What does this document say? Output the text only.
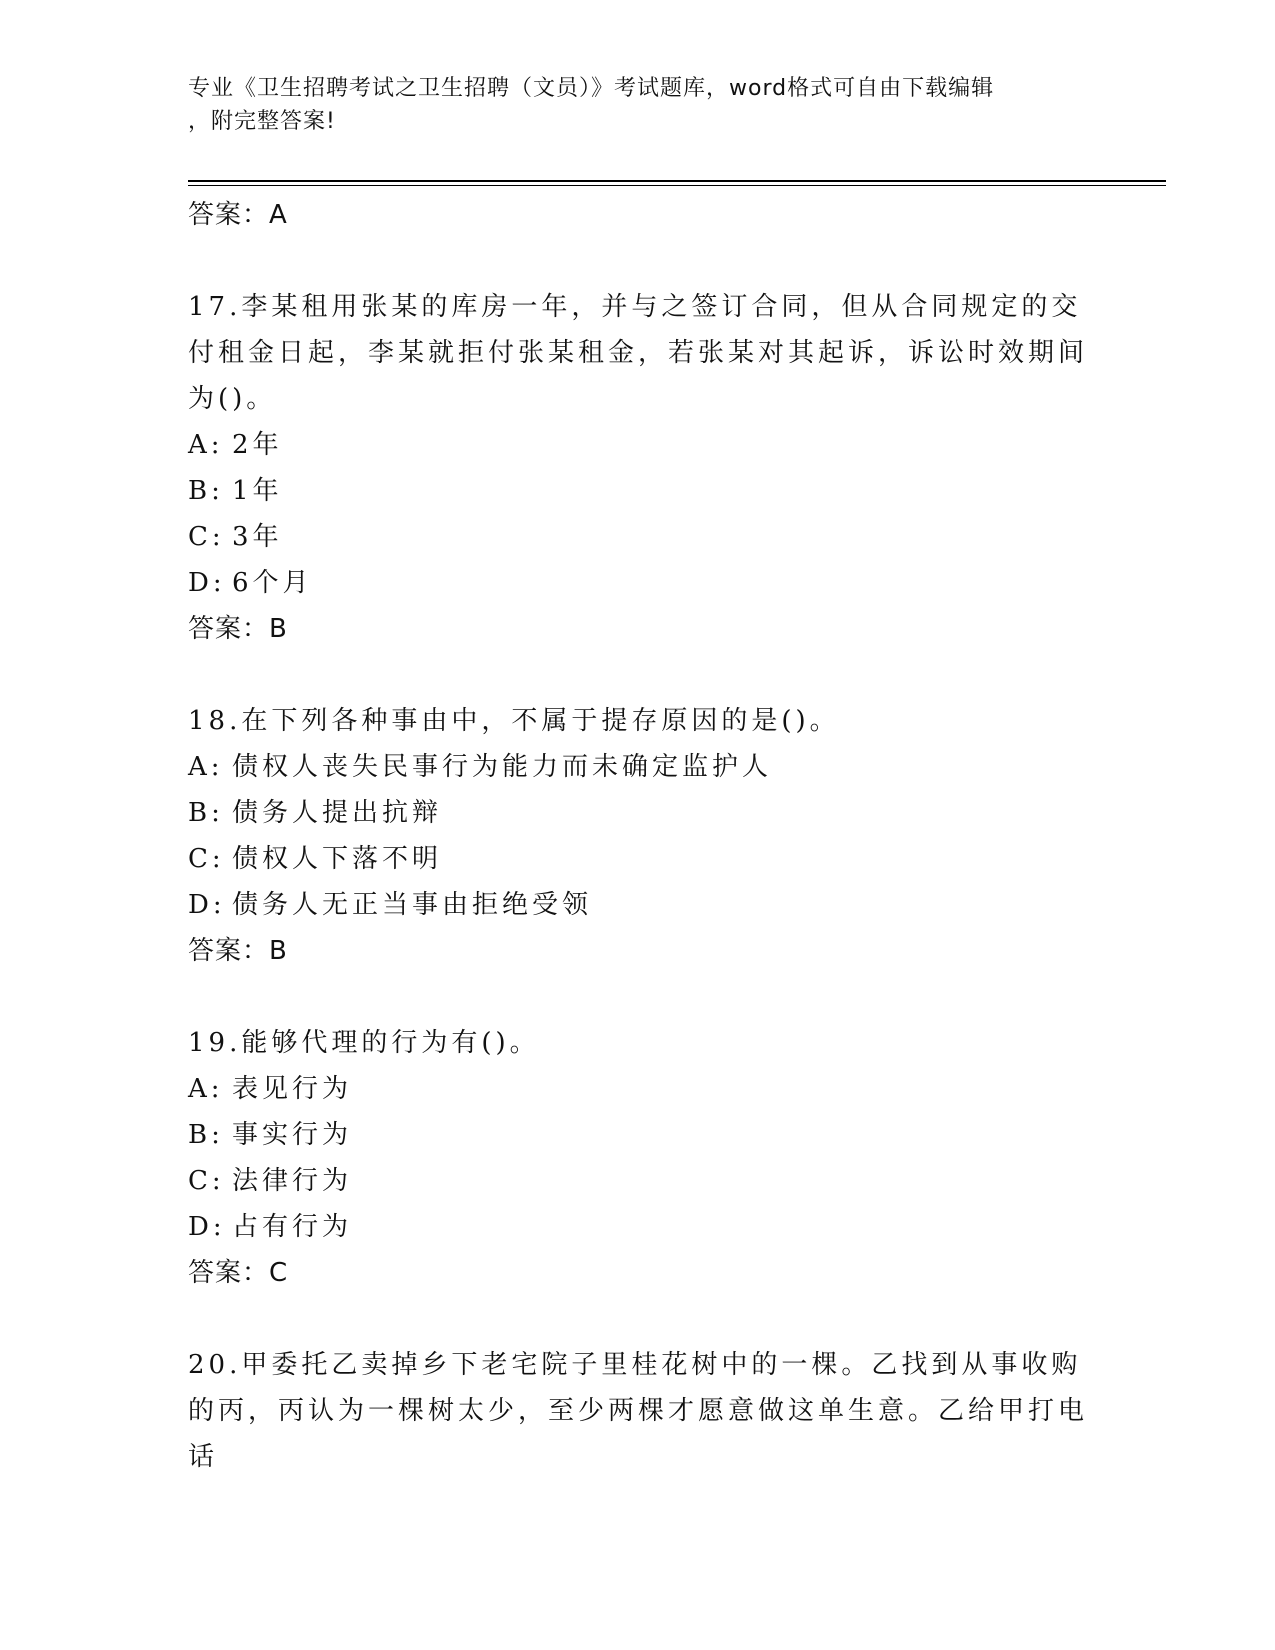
专业《卫生招聘考试之卫生招聘（文员）》考试题库，word格式可自由下载编辑
，附完整答案!
答案：A
17.李某租用张某的库房一年，并与之签订合同，但从合同规定的交付租金日起，李某就拒付张某租金，若张某对其起诉，诉讼时效期间为()。
A: 2年
B: 1年
C: 3年
D: 6个月
答案：B
18.在下列各种事由中，不属于提存原因的是()。
A: 债权人丧失民事行为能力而未确定监护人
B: 债务人提出抗辩
C: 债权人下落不明
D: 债务人无正当事由拒绝受领
答案：B
19.能够代理的行为有()。
A: 表见行为
B: 事实行为
C: 法律行为
D: 占有行为
答案：C
20.甲委托乙卖掉乡下老宅院子里桂花树中的一棵。乙找到从事收购的丙，丙认为一棵树太少，至少两棵才愿意做这单生意。乙给甲打电话
